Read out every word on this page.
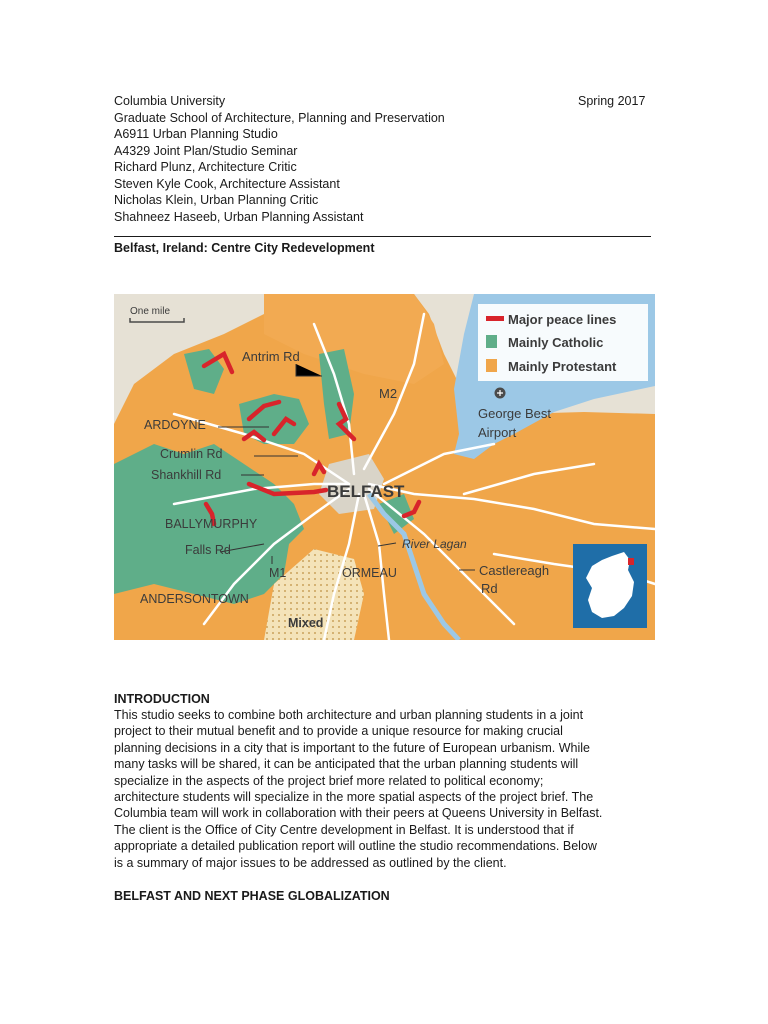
Columbia University
Graduate School of Architecture, Planning and Preservation
A6911 Urban Planning Studio
A4329 Joint Plan/Studio Seminar
Richard Plunz, Architecture Critic
Steven Kyle Cook, Architecture Assistant
Nicholas Klein, Urban Planning Critic
Shahneez Haseeb, Urban Planning Assistant
Spring 2017
Belfast, Ireland: Centre City Redevelopment
One mile
Major peace lines
Mainly Catholic
Mainly Protestant
Antrim Rd
M2
George Best
Airport
ARDOYNE
Crumlin Rd
Shankhill Rd
BELFAST
BALLYMURPHY
Falls Rd	River Lagan
M1	ORMEAU	Castlereagh
Rd
ANDERSONTOWN
Mixed
INTRODUCTION
This studio seeks to combine both architecture and urban planning students in a joint
project to their mutual benefit and to provide a unique resource for making crucial
planning decisions in a city that is important to the future of European urbanism. While
many tasks will be shared, it can be anticipated that the urban planning students will
specialize in the aspects of the project brief more related to political economy;
architecture students will specialize in the more spatial aspects of the project brief. The
Columbia team will work in collaboration with their peers at Queens University in Belfast.
The client is the Office of City Centre development in Belfast. It is understood that if
appropriate a detailed publication report will outline the studio recommendations. Below
is a summary of major issues to be addressed as outlined by the client.
BELFAST AND NEXT PHASE GLOBALIZATION
